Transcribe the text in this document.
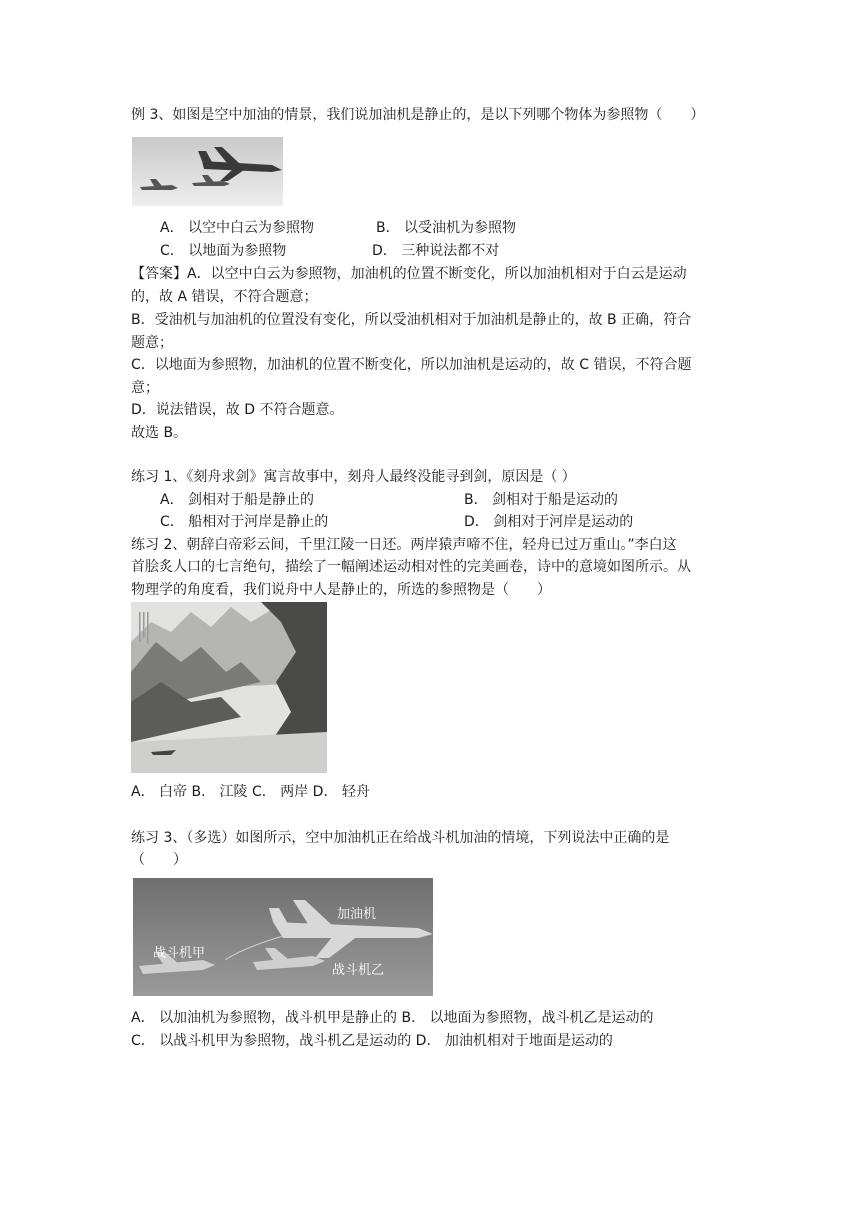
例 3、如图是空中加油的情景，我们说加油机是静止的，是以下列哪个物体为参照物（　　）
A． 以空中白云为参照物	B． 以受油机为参照物
C． 以地面为参照物	D． 三种说法都不对
【答案】A．以空中白云为参照物，加油机的位置不断变化，所以加油机相对于白云是运动
的，故 A 错误，不符合题意；
B．受油机与加油机的位置没有变化，所以受油机相对于加油机是静止的，故 B 正确，符合
题意；
C．以地面为参照物，加油机的位置不断变化，所以加油机是运动的，故 C 错误，不符合题
意；
D．说法错误，故 D 不符合题意。
故选 B。
练习 1、《刻舟求剑》寓言故事中，刻舟人最终没能寻到剑，原因是（ ）
A． 剑相对于船是静止的	B． 剑相对于船是运动的
C． 船相对于河岸是静止的	D． 剑相对于河岸是运动的
练习 2、朝辞白帝彩云间，千里江陵一日还。两岸猿声啼不住，轻舟已过万重山。”李白这
首脍炙人口的七言绝句，描绘了一幅阐述运动相对性的完美画卷，诗中的意境如图所示。从
物理学的角度看，我们说舟中人是静止的，所选的参照物是（　　）
A． 白帝 B． 江陵 C． 两岸 D． 轻舟
练习 3、（多选）如图所示，空中加油机正在给战斗机加油的情境，下列说法中正确的是
（　　）
加油机
战斗机甲
战斗机乙
A． 以加油机为参照物，战斗机甲是静止的 B． 以地面为参照物，战斗机乙是运动的
C． 以战斗机甲为参照物，战斗机乙是运动的 D． 加油机相对于地面是运动的
